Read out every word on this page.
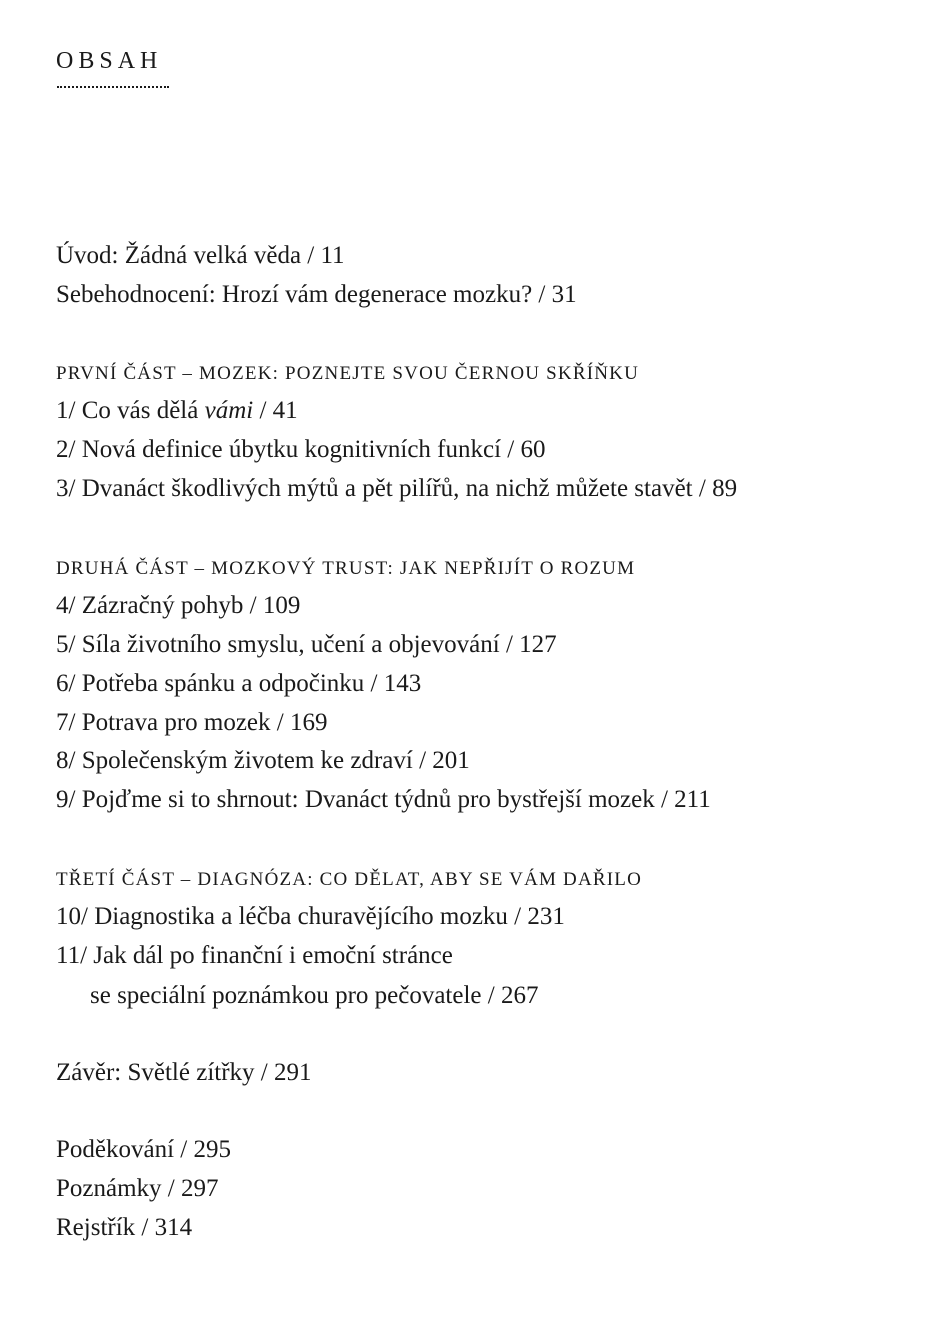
OBSAH

Úvod: Žádná velká věda / 11

Sebehodnocení: Hrozí vám degenerace mozku? / 31

PRVNÍ ČÁST – MOZEK: POZNEJTE SVOU ČERNOU SKŘÍŇKU

1/ Co vás dělá vámi / 41

2/ Nová definice úbytku kognitivních funkcí / 60

3/ Dvanáct škodlivých mýtů a pět pilířů, na nichž můžete stavět / 89

DRUHÁ ČÁST – MOZKOVÝ TRUST: JAK NEPŘIJÍT O ROZUM

4/ Zázračný pohyb / 109

5/ Síla životního smyslu, učení a objevování / 127

6/ Potřeba spánku a odpočinku / 143

7/ Potrava pro mozek / 169

8/ Společenským životem ke zdraví / 201

9/ Pojďme si to shrnout: Dvanáct týdnů pro bystřejší mozek / 211

TŘETÍ ČÁST – DIAGNÓZA: CO DĚLAT, ABY SE VÁM DAŘILO

10/ Diagnostika a léčba churavějícího mozku / 231

11/ Jak dál po finanční i emoční stránce

se speciální poznámkou pro pečovatele / 267

Závěr: Světlé zítřky / 291

Poděkování / 295

Poznámky / 297

Rejstřík / 314
